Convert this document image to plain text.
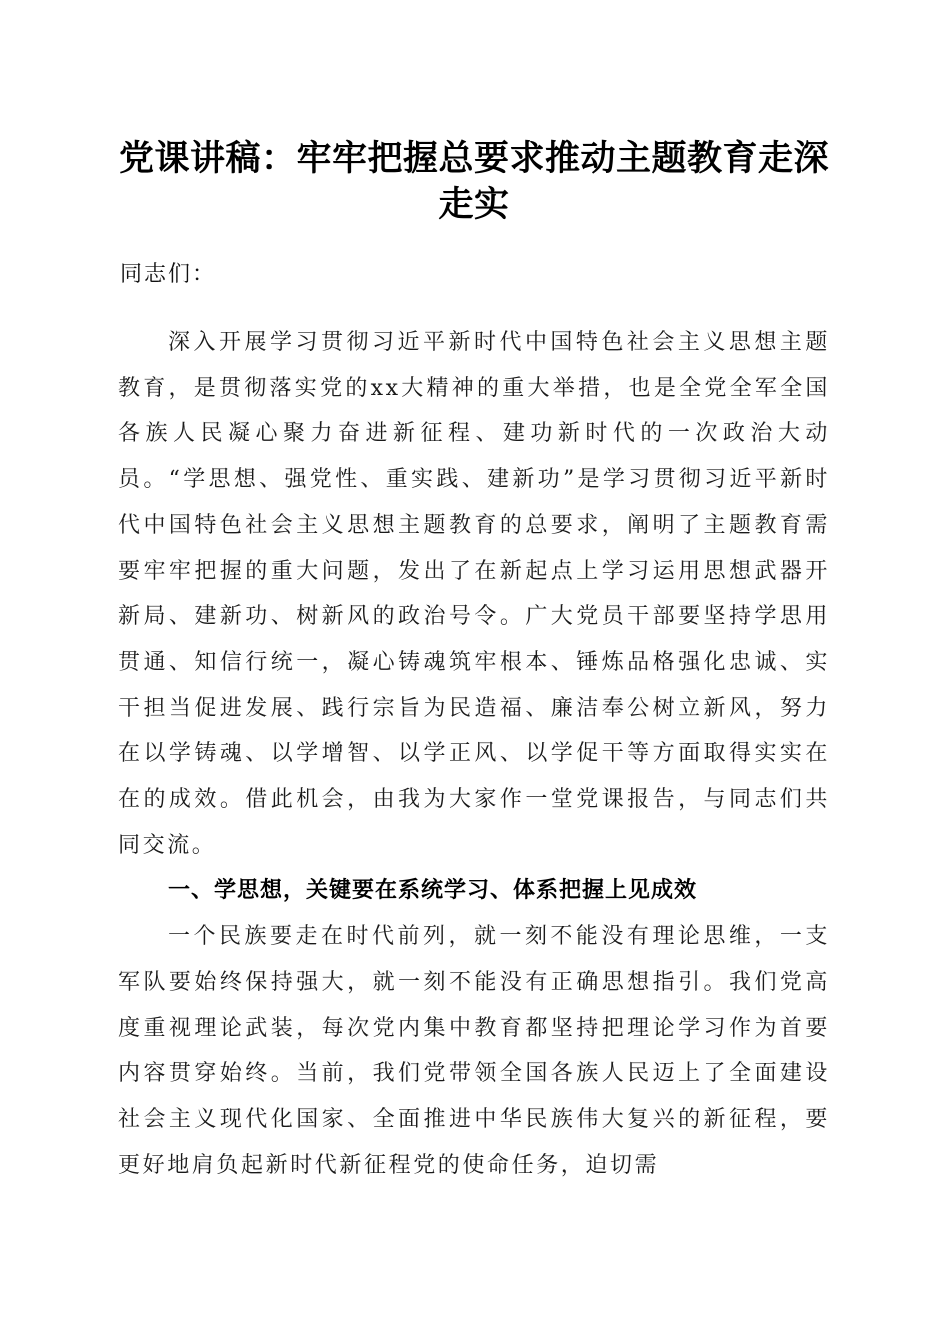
党课讲稿：牢牢把握总要求推动主题教育走深
走实

同志们：

深入开展学习贯彻习近平新时代中国特色社会主义思想主题教育，是贯彻落实党的xx大精神的重大举措，也是全党全军全国各族人民凝心聚力奋进新征程、建功新时代的一次政治大动员。“学思想、强党性、重实践、建新功”是学习贯彻习近平新时代中国特色社会主义思想主题教育的总要求，阐明了主题教育需要牢牢把握的重大问题，发出了在新起点上学习运用思想武器开新局、建新功、树新风的政治号令。广大党员干部要坚持学思用贯通、知信行统一，凝心铸魂筑牢根本、锤炼品格强化忠诚、实干担当促进发展、践行宗旨为民造福、廉洁奉公树立新风，努力在以学铸魂、以学增智、以学正风、以学促干等方面取得实实在在的成效。借此机会，由我为大家作一堂党课报告，与同志们共同交流。

一、学思想，关键要在系统学习、体系把握上见成效

一个民族要走在时代前列，就一刻不能没有理论思维，一支军队要始终保持强大，就一刻不能没有正确思想指引。我们党高度重视理论武装，每次党内集中教育都坚持把理论学习作为首要内容贯穿始终。当前，我们党带领全国各族人民迈上了全面建设社会主义现代化国家、全面推进中华民族伟大复兴的新征程，要更好地肩负起新时代新征程党的使命任务，迫切需
